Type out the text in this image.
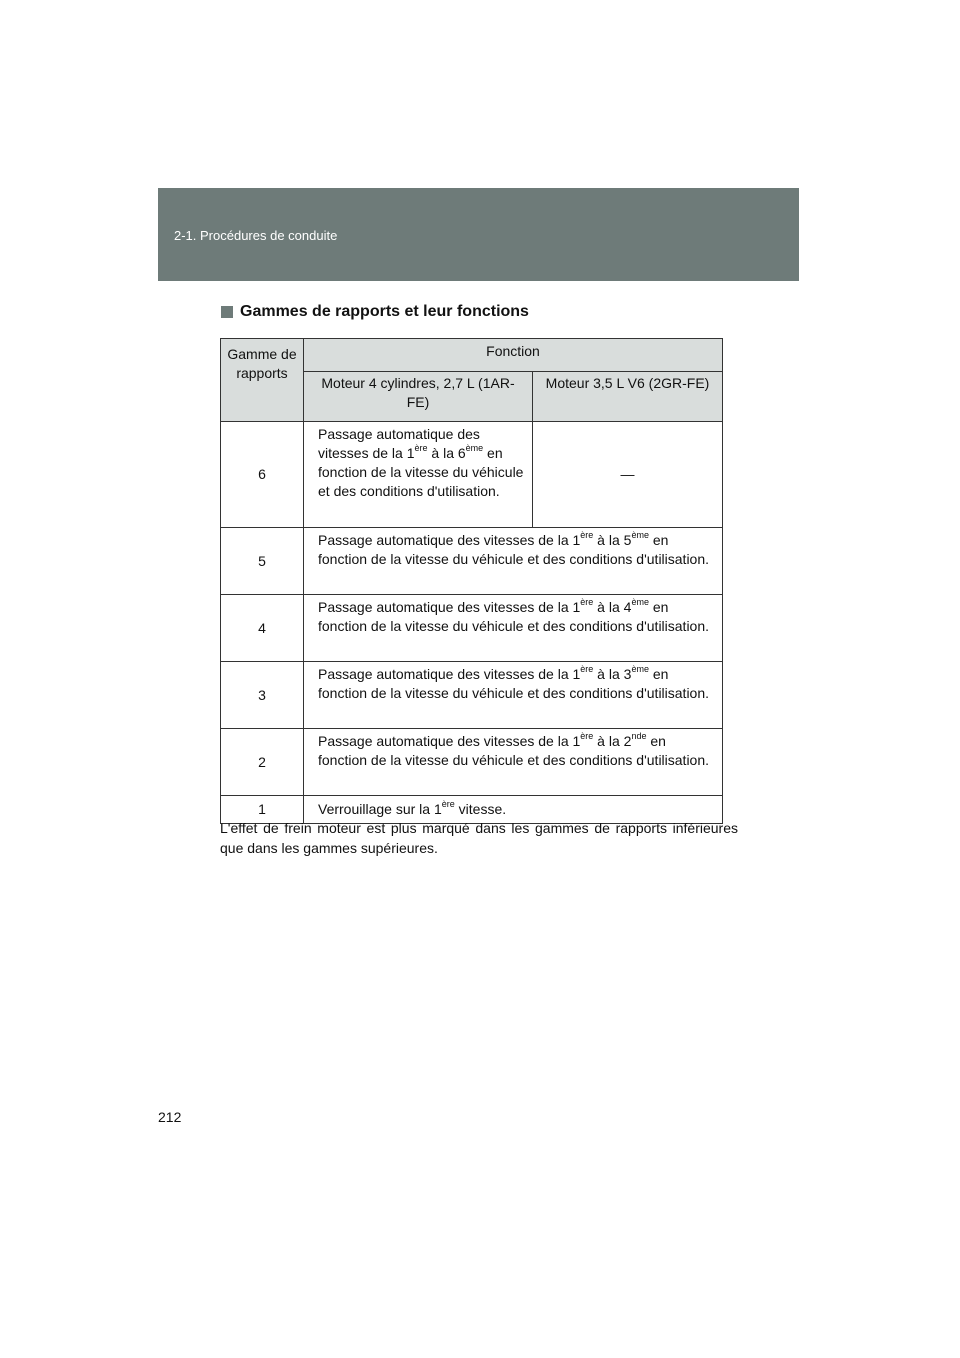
2-1. Procédures de conduite
Gammes de rapports et leur fonctions
Gamme de rapports	Fonction	
	Moteur 4 cylindres, 2,7 L (1AR-FE)	Moteur 3,5 L V6 (2GR-FE)
6	Passage automatique des vitesses de la 1ère à la 6ème en fonction de la vitesse du véhicule et des conditions d'utilisation.	—
5	Passage automatique des vitesses de la 1ère à la 5ème en fonction de la vitesse du véhicule et des conditions d'utilisation.	
4	Passage automatique des vitesses de la 1ère à la 4ème en fonction de la vitesse du véhicule et des conditions d'utilisation.	
3	Passage automatique des vitesses de la 1ère à la 3ème en fonction de la vitesse du véhicule et des conditions d'utilisation.	
2	Passage automatique des vitesses de la 1ère à la 2nde en fonction de la vitesse du véhicule et des conditions d'utilisation.	
1	Verrouillage sur la 1ère vitesse.	
L'effet de frein moteur est plus marqué dans les gammes de rapports inférieures que dans les gammes supérieures.
212
